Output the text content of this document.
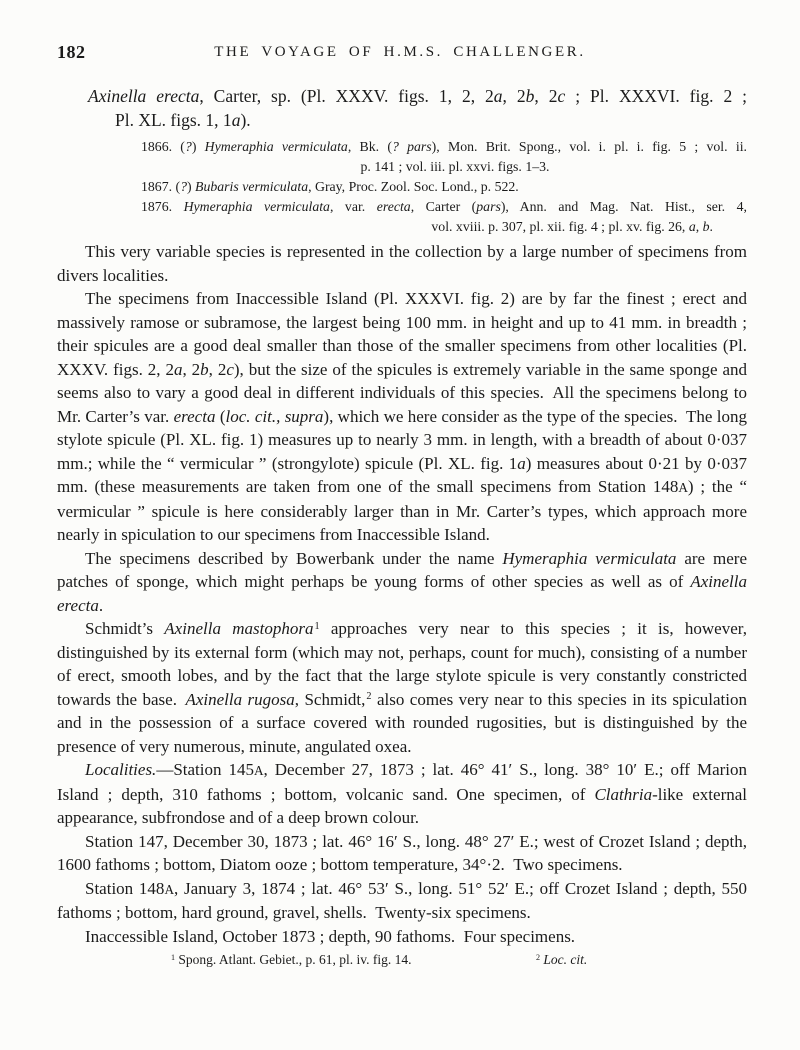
182	THE VOYAGE OF H.M.S. CHALLENGER.
Axinella erecta, Carter, sp. (Pl. XXXV. figs. 1, 2, 2a, 2b, 2c ; Pl. XXXVI. fig. 2 ;
Pl. XL. figs. 1, 1a).
1866. (?) Hymeraphia vermiculata, Bk. (? pars), Mon. Brit. Spong., vol. i. pl. i. fig. 5 ; vol. ii.
p. 141 ; vol. iii. pl. xxvi. figs. 1–3.
1867. (?) Bubaris vermiculata, Gray, Proc. Zool. Soc. Lond., p. 522.
1876. Hymeraphia vermiculata, var. erecta, Carter (pars), Ann. and Mag. Nat. Hist., ser. 4,
vol. xviii. p. 307, pl. xii. fig. 4 ; pl. xv. fig. 26, a, b.

This very variable species is represented in the collection by a large number of specimens from divers localities.

The specimens from Inaccessible Island (Pl. XXXVI. fig. 2) are by far the finest ; erect and massively ramose or subramose, the largest being 100 mm. in height and up to 41 mm. in breadth ; their spicules are a good deal smaller than those of the smaller specimens from other localities (Pl. XXXV. figs. 2, 2a, 2b, 2c), but the size of the spicules is extremely variable in the same sponge and seems also to vary a good deal in different individuals of this species. All the specimens belong to Mr. Carter’s var. erecta (loc. cit., supra), which we here consider as the type of the species. The long stylote spicule (Pl. XL. fig. 1) measures up to nearly 3 mm. in length, with a breadth of about 0·037 mm.; while the “ vermicular ” (strongylote) spicule (Pl. XL. fig. 1a) measures about 0·21 by 0·037 mm. (these measurements are taken from one of the small specimens from Station 148A) ; the “ vermicular ” spicule is here considerably larger than in Mr. Carter’s types, which approach more nearly in spiculation to our specimens from Inaccessible Island.

The specimens described by Bowerbank under the name Hymeraphia vermiculata are mere patches of sponge, which might perhaps be young forms of other species as well as of Axinella erecta.

Schmidt’s Axinella mastophora$^1$ approaches very near to this species ; it is, however, distinguished by its external form (which may not, perhaps, count for much), consisting of a number of erect, smooth lobes, and by the fact that the large stylote spicule is very constantly constricted towards the base. Axinella rugosa, Schmidt,$^2$ also comes very near to this species in its spiculation and in the possession of a surface covered with rounded rugosities, but is distinguished by the presence of very numerous, minute, angulated oxea.

Localities.—Station 145A, December 27, 1873 ; lat. 46° 41′ S., long. 38° 10′ E.; off Marion Island ; depth, 310 fathoms ; bottom, volcanic sand. One specimen, of Clathria-like external appearance, subfrondose and of a deep brown colour.

Station 147, December 30, 1873 ; lat. 46° 16′ S., long. 48° 27′ E.; west of Crozet Island ; depth, 1600 fathoms ; bottom, Diatom ooze ; bottom temperature, 34°·2. Two specimens.

Station 148A, January 3, 1874 ; lat. 46° 53′ S., long. 51° 52′ E.; off Crozet Island ; depth, 550 fathoms ; bottom, hard ground, gravel, shells. Twenty-six specimens.

Inaccessible Island, October 1873 ; depth, 90 fathoms. Four specimens.

$^1$ Spong. Atlant. Gebiet., p. 61, pl. iv. fig. 14.	$^2$ Loc. cit.
